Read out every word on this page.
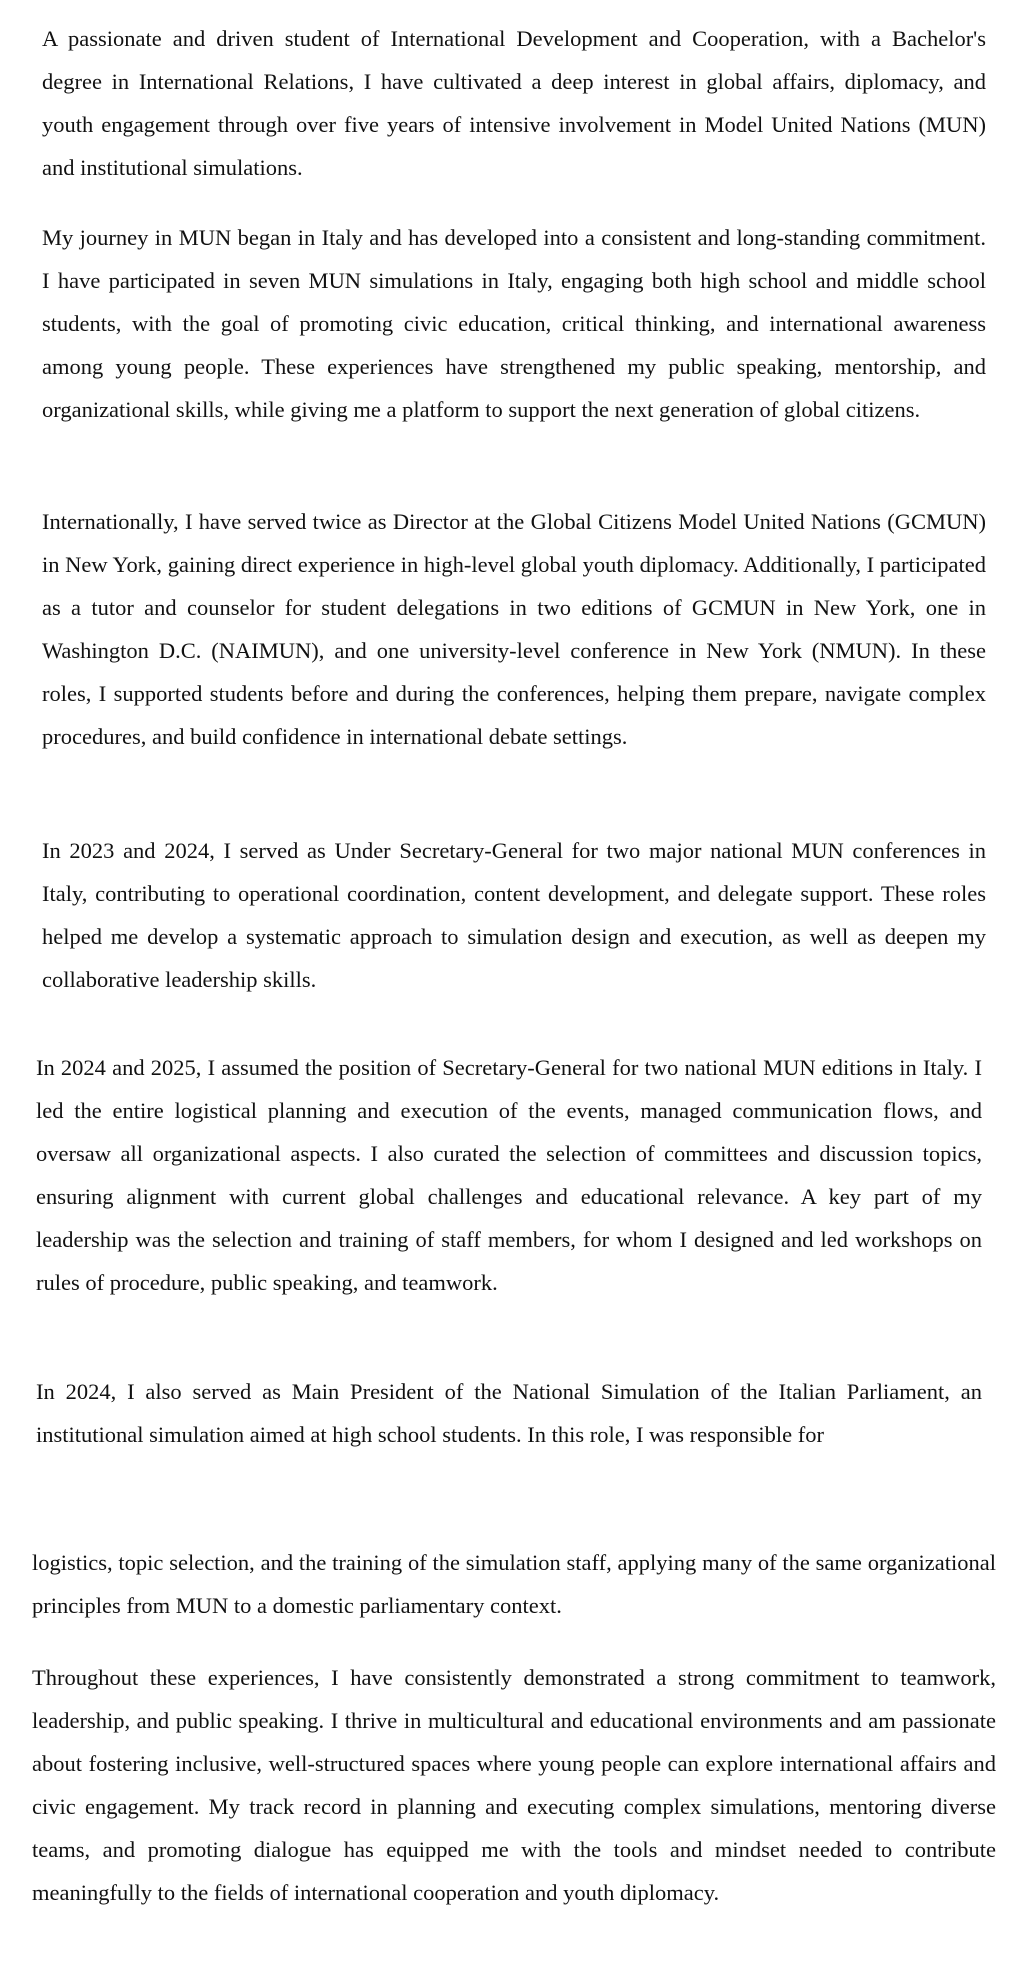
A passionate and driven student of International Development and Cooperation, with a Bachelor's degree in International Relations, I have cultivated a deep interest in global affairs, diplomacy, and youth engagement through over five years of intensive involvement in Model United Nations (MUN) and institutional simulations.

My journey in MUN began in Italy and has developed into a consistent and long-standing commitment. I have participated in seven MUN simulations in Italy, engaging both high school and middle school students, with the goal of promoting civic education, critical thinking, and international awareness among young people. These experiences have strengthened my public speaking, mentorship, and organizational skills, while giving me a platform to support the next generation of global citizens.

Internationally, I have served twice as Director at the Global Citizens Model United Nations (GCMUN) in New York, gaining direct experience in high-level global youth diplomacy. Additionally, I participated as a tutor and counselor for student delegations in two editions of GCMUN in New York, one in Washington D.C. (NAIMUN), and one university-level conference in New York (NMUN). In these roles, I supported students before and during the conferences, helping them prepare, navigate complex procedures, and build confidence in international debate settings.

In 2023 and 2024, I served as Under Secretary-General for two major national MUN conferences in Italy, contributing to operational coordination, content development, and delegate support. These roles helped me develop a systematic approach to simulation design and execution, as well as deepen my collaborative leadership skills.

In 2024 and 2025, I assumed the position of Secretary-General for two national MUN editions in Italy. I led the entire logistical planning and execution of the events, managed communication flows, and oversaw all organizational aspects. I also curated the selection of committees and discussion topics, ensuring alignment with current global challenges and educational relevance. A key part of my leadership was the selection and training of staff members, for whom I designed and led workshops on rules of procedure, public speaking, and teamwork.

In 2024, I also served as Main President of the National Simulation of the Italian Parliament, an institutional simulation aimed at high school students. In this role, I was responsible for

logistics, topic selection, and the training of the simulation staff, applying many of the same organizational principles from MUN to a domestic parliamentary context.

Throughout these experiences, I have consistently demonstrated a strong commitment to teamwork, leadership, and public speaking. I thrive in multicultural and educational environments and am passionate about fostering inclusive, well-structured spaces where young people can explore international affairs and civic engagement. My track record in planning and executing complex simulations, mentoring diverse teams, and promoting dialogue has equipped me with the tools and mindset needed to contribute meaningfully to the fields of international cooperation and youth diplomacy.
